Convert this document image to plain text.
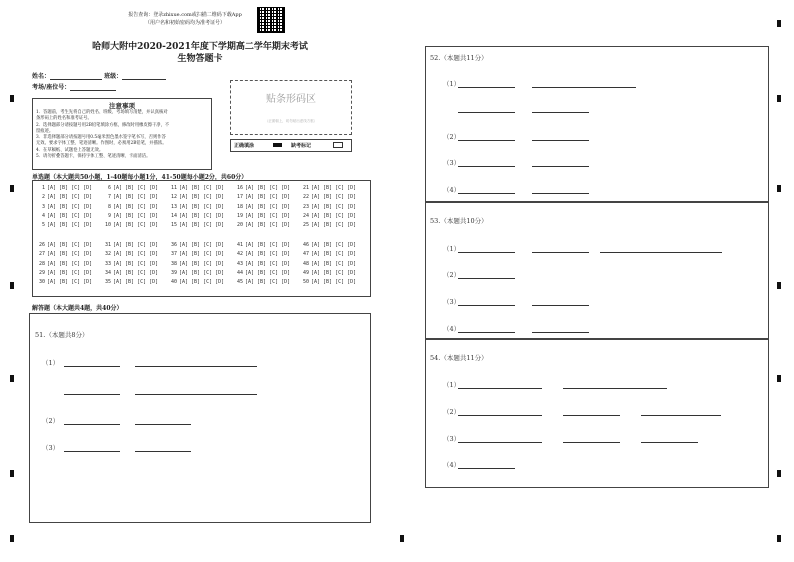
报告查询：登录zhixue.com或扫描二维码下载App
（用户名和初始密码均为准考证号）
哈师大附中2020-2021年度下学期高二学年期末考试
生物答题卡
姓名：	班级：
考场/座位号：
注意事项
1．答题前，考生先将自己的姓名、班级、考场填写清楚，并认真核对
条形码上的姓名和准考证号。
2．选择题部分请按题号用2B铅笔填涂方框，修改时用橡皮擦干净，不
留痕迹。
3．非选择题部分请按题号用0.5毫米黑色墨水签字笔书写，否则作答
无效。要求字体工整、笔迹清晰。作图时，必须用2B铅笔，并描浓。
4．在草稿纸、试题卷上答题无效。
5．请勿折叠答题卡，保持字体工整、笔迹清晰、卡面清洁。
贴条形码区
（正面朝上，切勿贴出虚线方框）
正确填涂	缺考标记
单选题（本大题共50小题，1-40题每小题1分，41-50题每小题2分，共60分）
1 [A] [B] [C] [D]
2 [A] [B] [C] [D]
3 [A] [B] [C] [D]
4 [A] [B] [C] [D]
5 [A] [B] [C] [D]
6 [A] [B] [C] [D]
7 [A] [B] [C] [D]
8 [A] [B] [C] [D]
9 [A] [B] [C] [D]
10 [A] [B] [C] [D]
11 [A] [B] [C] [D]
12 [A] [B] [C] [D]
13 [A] [B] [C] [D]
14 [A] [B] [C] [D]
15 [A] [B] [C] [D]
16 [A] [B] [C] [D]
17 [A] [B] [C] [D]
18 [A] [B] [C] [D]
19 [A] [B] [C] [D]
20 [A] [B] [C] [D]
21 [A] [B] [C] [D]
22 [A] [B] [C] [D]
23 [A] [B] [C] [D]
24 [A] [B] [C] [D]
25 [A] [B] [C] [D]
26 [A] [B] [C] [D]
27 [A] [B] [C] [D]
28 [A] [B] [C] [D]
29 [A] [B] [C] [D]
30 [A] [B] [C] [D]
31 [A] [B] [C] [D]
32 [A] [B] [C] [D]
33 [A] [B] [C] [D]
34 [A] [B] [C] [D]
35 [A] [B] [C] [D]
36 [A] [B] [C] [D]
37 [A] [B] [C] [D]
38 [A] [B] [C] [D]
39 [A] [B] [C] [D]
40 [A] [B] [C] [D]
41 [A] [B] [C] [D]
42 [A] [B] [C] [D]
43 [A] [B] [C] [D]
44 [A] [B] [C] [D]
45 [A] [B] [C] [D]
46 [A] [B] [C] [D]
47 [A] [B] [C] [D]
48 [A] [B] [C] [D]
49 [A] [B] [C] [D]
50 [A] [B] [C] [D]
解答题（本大题共4题，共40分）
51.（本题共8分）
（1）
（2）
（3）
52.（本题共11分）
（1）
（2）
（3）
（4）
53.（本题共10分）
（1）
（2）
（3）
（4）
54.（本题共11分）
（1）
（2）
（3）
（4）
